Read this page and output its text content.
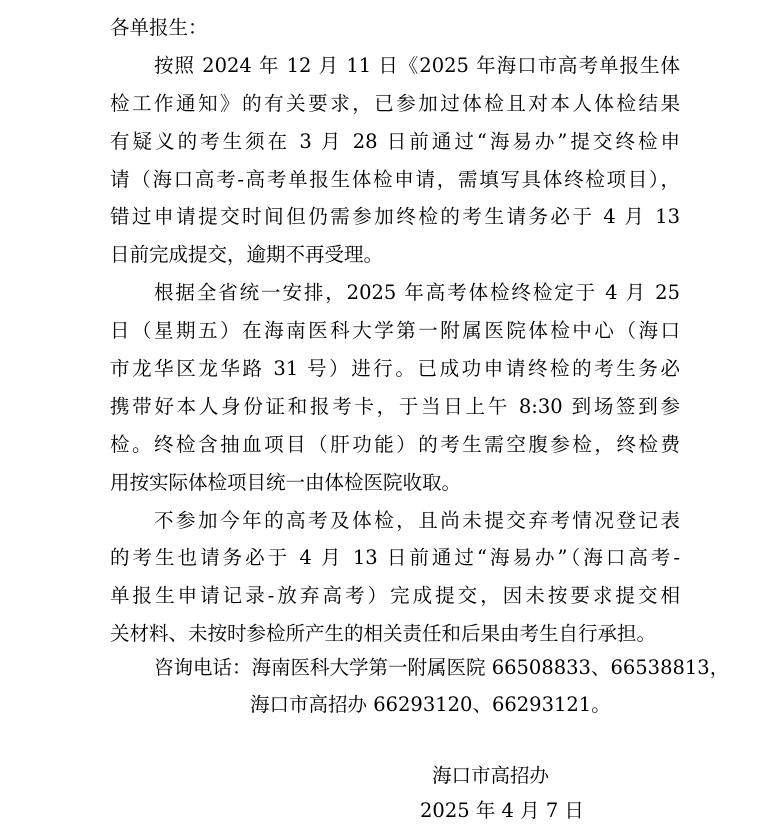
各单报生：
按照 2024 年 12 月 11 日《2025 年海口市高考单报生体
检工作通知》的有关要求，已参加过体检且对本人体检结果
有疑义的考生须在 3 月 28 日前通过“海易办”提交终检申
请（海口高考-高考单报生体检申请，需填写具体终检项目），
错过申请提交时间但仍需参加终检的考生请务必于 4 月 13
日前完成提交，逾期不再受理。
根据全省统一安排，2025 年高考体检终检定于 4 月 25
日（星期五）在海南医科大学第一附属医院体检中心（海口
市龙华区龙华路 31 号）进行。已成功申请终检的考生务必
携带好本人身份证和报考卡，于当日上午 8:30 到场签到参
检。终检含抽血项目（肝功能）的考生需空腹参检，终检费
用按实际体检项目统一由体检医院收取。
不参加今年的高考及体检，且尚未提交弃考情况登记表
的考生也请务必于 4 月 13 日前通过“海易办”（海口高考-
单报生申请记录-放弃高考）完成提交，因未按要求提交相
关材料、未按时参检所产生的相关责任和后果由考生自行承担。
咨询电话：海南医科大学第一附属医院 66508833、66538813，
海口市高招办 66293120、66293121。
海口市高招办
2025 年 4 月 7 日
